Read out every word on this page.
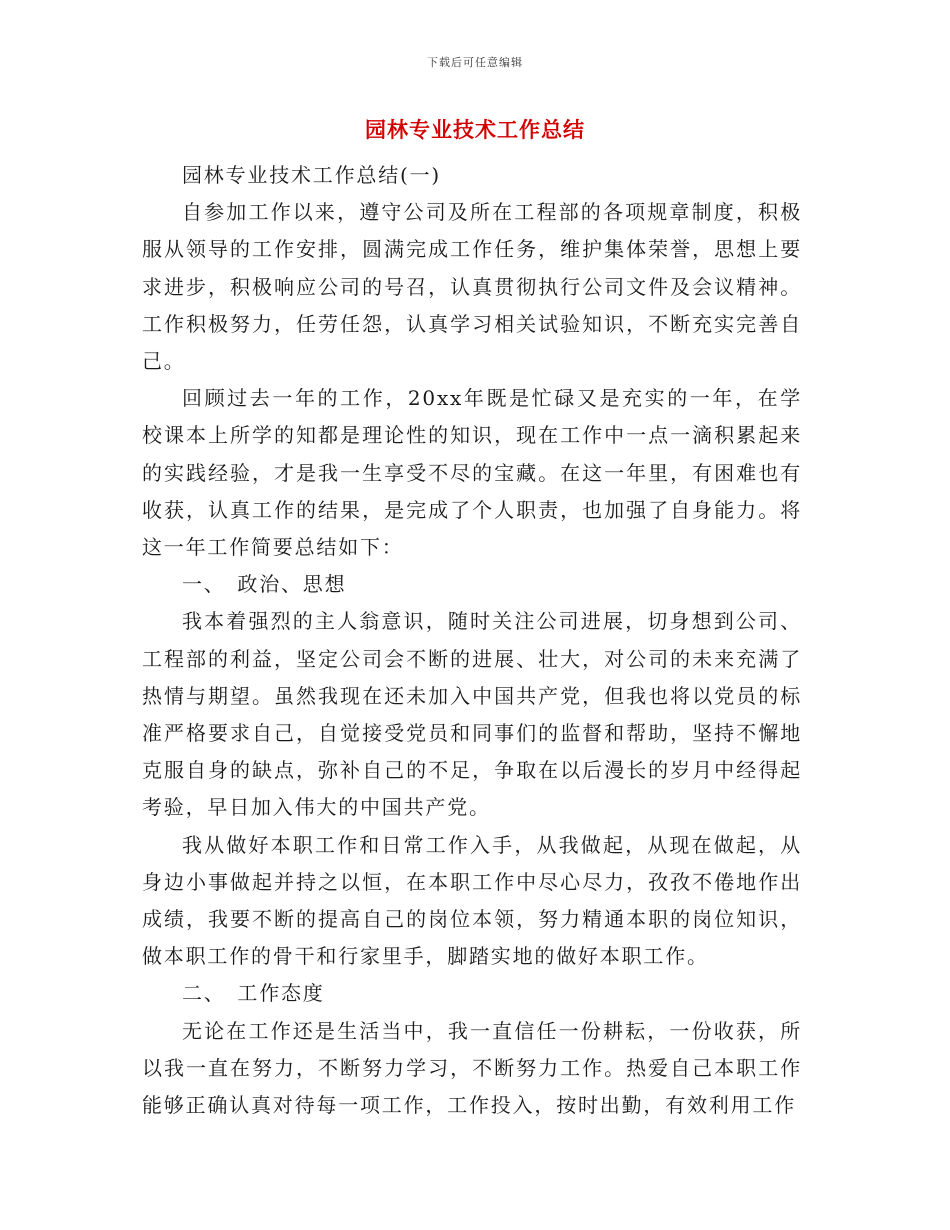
下载后可任意编辑
园林专业技术工作总结

园林专业技术工作总结(一)

自参加工作以来，遵守公司及所在工程部的各项规章制度，积极服从领导的工作安排，圆满完成工作任务，维护集体荣誉，思想上要求进步，积极响应公司的号召，认真贯彻执行公司文件及会议精神。工作积极努力，任劳任怨，认真学习相关试验知识，不断充实完善自己。

回顾过去一年的工作，20xx年既是忙碌又是充实的一年，在学校课本上所学的知都是理论性的知识，现在工作中一点一滴积累起来的实践经验，才是我一生享受不尽的宝藏。在这一年里，有困难也有收获，认真工作的结果，是完成了个人职责，也加强了自身能力。将这一年工作简要总结如下：

一、　政治、思想

我本着强烈的主人翁意识，随时关注公司进展，切身想到公司、工程部的利益，坚定公司会不断的进展、壮大，对公司的未来充满了热情与期望。虽然我现在还未加入中国共产党，但我也将以党员的标准严格要求自己，自觉接受党员和同事们的监督和帮助，坚持不懈地克服自身的缺点，弥补自己的不足，争取在以后漫长的岁月中经得起考验，早日加入伟大的中国共产党。

我从做好本职工作和日常工作入手，从我做起，从现在做起，从身边小事做起并持之以恒，在本职工作中尽心尽力，孜孜不倦地作出成绩，我要不断的提高自己的岗位本领，努力精通本职的岗位知识，做本职工作的骨干和行家里手，脚踏实地的做好本职工作。

二、　工作态度

无论在工作还是生活当中，我一直信任一份耕耘，一份收获，所以我一直在努力，不断努力学习，不断努力工作。热爱自己本职工作能够正确认真对待每一项工作，工作投入，按时出勤，有效利用工作
